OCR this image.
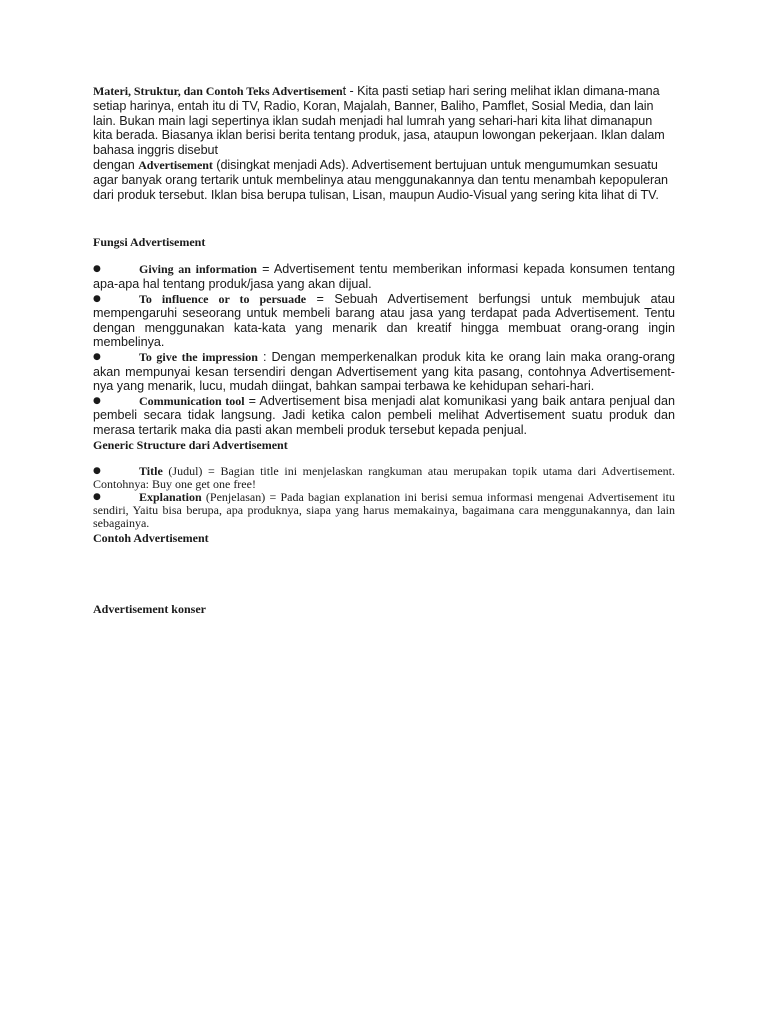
Materi, Struktur, dan Contoh Teks Advertisement - Kita pasti setiap hari sering melihat iklan dimana-mana setiap harinya, entah itu di TV, Radio, Koran, Majalah, Banner, Baliho, Pamflet, Sosial Media, dan lain lain. Bukan main lagi sepertinya iklan sudah menjadi hal lumrah yang sehari-hari kita lihat dimanapun kita berada. Biasanya iklan berisi berita tentang produk, jasa, ataupun lowongan pekerjaan. Iklan dalam bahasa inggris disebut

dengan Advertisement (disingkat menjadi Ads). Advertisement bertujuan untuk mengumumkan sesuatu agar banyak orang tertarik untuk membelinya atau menggunakannya dan tentu menambah kepopuleran dari produk tersebut. Iklan bisa berupa tulisan, Lisan, maupun Audio-Visual yang sering kita lihat di TV.

Fungsi Advertisement
●	Giving an information = Advertisement tentu memberikan informasi kepada konsumen tentang apa-apa hal tentang produk/jasa yang akan dijual.
●	To influence or to persuade = Sebuah Advertisement berfungsi untuk membujuk atau mempengaruhi seseorang untuk membeli barang atau jasa yang terdapat pada Advertisement. Tentu dengan menggunakan kata-kata yang menarik dan kreatif hingga membuat orang-orang ingin membelinya.
●	To give the impression : Dengan memperkenalkan produk kita ke orang lain maka orang-orang akan mempunyai kesan tersendiri dengan Advertisement yang kita pasang, contohnya Advertisement-nya yang menarik, lucu, mudah diingat, bahkan sampai terbawa ke kehidupan sehari-hari.
●	Communication tool = Advertisement bisa menjadi alat komunikasi yang baik antara penjual dan pembeli secara tidak langsung. Jadi ketika calon pembeli melihat Advertisement suatu produk dan merasa tertarik maka dia pasti akan membeli produk tersebut kepada penjual.
Generic Structure dari Advertisement
●	Title (Judul) = Bagian title ini menjelaskan rangkuman atau merupakan topik utama dari Advertisement. Contohnya: Buy one get one free!
●	Explanation (Penjelasan) = Pada bagian explanation ini berisi semua informasi mengenai Advertisement itu sendiri, Yaitu bisa berupa, apa produknya, siapa yang harus memakainya, bagaimana cara menggunakannya, dan lain sebagainya.
Contoh Advertisement
Advertisement konser
